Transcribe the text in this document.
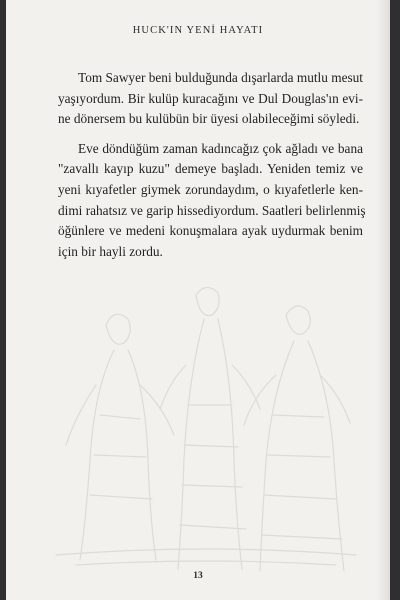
HUCK'IN YENİ HAYATI
Tom Sawyer beni bulduğunda dışarlarda mutlu mesut
yaşıyordum. Bir kulüp kuracağını ve Dul Douglas'ın evi-
ne dönersem bu kulübün bir üyesi olabileceğimi söyledi.
Eve döndüğüm zaman kadıncağız çok ağladı ve bana
"zavallı kayıp kuzu" demeye başladı. Yeniden temiz ve
yeni kıyafetler giymek zorundaydım, o kıyafetlerle ken-
dimi rahatsız ve garip hissediyordum. Saatleri belirlenmiş
öğünlere ve medeni konuşmalara ayak uydurmak benim
için bir hayli zordu.
13
